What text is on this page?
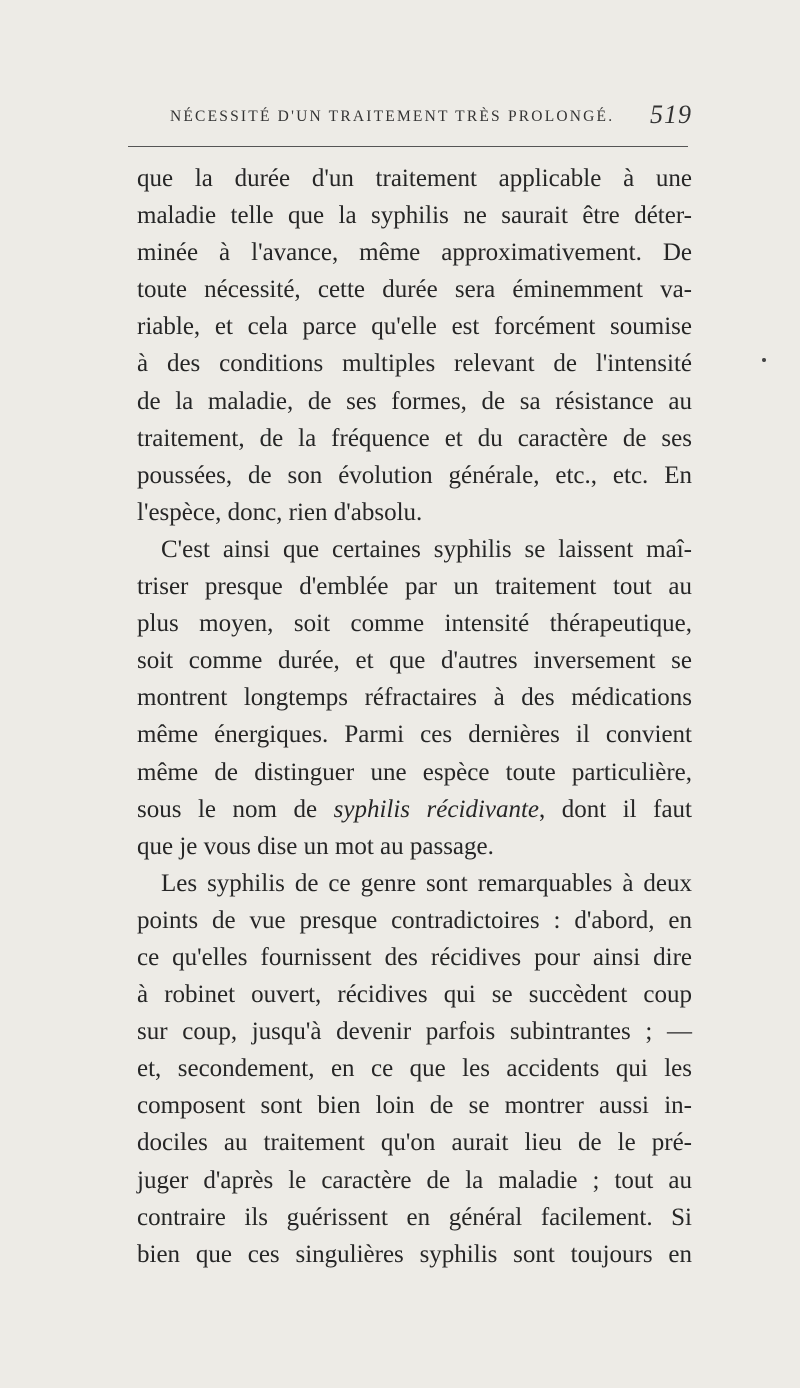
NÉCESSITÉ D'UN TRAITEMENT TRÈS PROLONGÉ. 519
que la durée d'un traitement applicable à une
maladie telle que la syphilis ne saurait être déter-
minée à l'avance, même approximativement. De
toute nécessité, cette durée sera éminemment va-
riable, et cela parce qu'elle est forcément soumise
à des conditions multiples relevant de l'intensité
de la maladie, de ses formes, de sa résistance au
traitement, de la fréquence et du caractère de ses
poussées, de son évolution générale, etc., etc. En
l'espèce, donc, rien d'absolu.
C'est ainsi que certaines syphilis se laissent maî-
triser presque d'emblée par un traitement tout au
plus moyen, soit comme intensité thérapeutique,
soit comme durée, et que d'autres inversement se
montrent longtemps réfractaires à des médications
même énergiques. Parmi ces dernières il convient
même de distinguer une espèce toute particulière,
sous le nom de syphilis récidivante, dont il faut
que je vous dise un mot au passage.
Les syphilis de ce genre sont remarquables à deux
points de vue presque contradictoires : d'abord, en
ce qu'elles fournissent des récidives pour ainsi dire
à robinet ouvert, récidives qui se succèdent coup
sur coup, jusqu'à devenir parfois subintrantes ; —
et, secondement, en ce que les accidents qui les
composent sont bien loin de se montrer aussi in-
dociles au traitement qu'on aurait lieu de le pré-
juger d'après le caractère de la maladie ; tout au
contraire ils guérissent en général facilement. Si
bien que ces singulières syphilis sont toujours en
